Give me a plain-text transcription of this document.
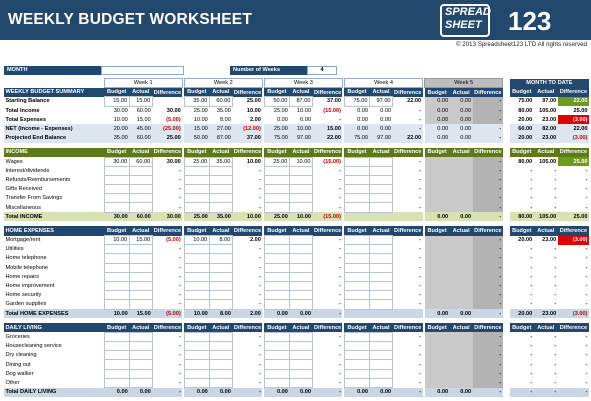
WEEKLY BUDGET WORKSHEET	SPREAD
SHEET 123
© 2013 Spreadsheet123 LTD All rights reserved
MONTH	Number of Weeks	4
	Week 1				Week 2				Week 3				Week 4				Week 5				MONTH TO DATE		
WEEKLY BUDGET SUMMARY	Budget	Actual	Difference		Budget	Actual	Difference		Budget	Actual	Difference		Budget	Actual	Difference		Budget	Actual	Difference		Budget	Actual	Difference
Starting Balance	15.00	15.00			35.00	60.00	25.00		50.00	87.00	37.00		75.00	97.00	22.00		0.00	0.00	-		75.00	97.00	22.00
Total Income	30.00	60.00	30.00		25.00	35.00	10.00		25.00	10.00	(15.00)		0.00	0.00	-		0.00	0.00	-		80.00	105.00	25.00
Total Expenses	10.00	15.00	(5.00)		10.00	8.00	2.00		0.00	0.00	-		0.00	0.00	-		0.00	0.00	-		20.00	23.00	(3.00)
NET (Income - Expenses)	20.00	45.00	(25.00)		15.00	27.00	(12.00)		25.00	10.00	15.00		0.00	0.00	-		0.00	0.00	-		60.00	82.00	22.00
Projected End Balance	35.00	60.00	25.00		50.00	87.00	37.00		75.00	97.00	22.00		75.00	97.00	22.00		0.00	0.00	-		20.00	23.00	(3.00)

INCOME	Budget	Actual	Difference		Budget	Actual	Difference		Budget	Actual	Difference		Budget	Actual	Difference		Budget	Actual	Difference		Budget	Actual	Difference
Wages	30.00	60.00	30.00		25.00	35.00	10.00		25.00	10.00	(15.00)				-				-		80.00	105.00	25.00
Interest/dividends			-				-				-				-				-		-	-	-
Refunds/Reimbursements			-				-				-				-				-		-	-	-
Gifts Received			-				-				-				-				-		-	-	-
Transfer From Savings			-				-				-				-				-		-	-	-
Miscellaneous			-				-				-				-				-		-	-	-
Total INCOME	30.00	60.00	30.00		25.00	35.00	10.00		25.00	10.00	(15.00)						0.00	0.00	-		80.00	105.00	25.00

HOME EXPENSES	Budget	Actual	Difference		Budget	Actual	Difference		Budget	Actual	Difference		Budget	Actual	Difference		Budget	Actual	Difference		Budget	Actual	Difference
Mortgage/rent	10.00	15.00	(5.00)		10.00	8.00	2.00				-				-				-		20.00	23.00	(3.00)
Utilities			-				-				-				-				-		-	-	-
Home telephone			-				-				-				-				-		-	-	-
Mobile telephone			-				-				-				-				-		-	-	-
Home repairs			-				-				-				-				-		-	-	-
Home improvement			-				-				-				-				-		-	-	-
Home security			-				-				-				-				-		-	-	-
Garden supplies			-				-				-				-				-		-	-	-
Total HOME EXPENSES	10.00	15.00	(5.00)		10.00	8.00	2.00		0.00	0.00	-						0.00	0.00	-		20.00	23.00	(3.00)

DAILY LIVING	Budget	Actual	Difference		Budget	Actual	Difference		Budget	Actual	Difference		Budget	Actual	Difference		Budget	Actual	Difference		Budget	Actual	Difference
Groceries			-				-				-				-				-		-	-	-
Housecleaning service			-				-				-				-				-		-	-	-
Dry cleaning			-				-				-				-				-		-	-	-
Dining out			-				-				-				-				-		-	-	-
Dog walker			-				-				-				-				-		-	-	-
Other			-				-				-				-				-		-	-	-
Total DAILY LIVING	0.00	0.00	-		0.00	0.00	-		0.00	0.00	-		0.00	0.00	-		0.00	0.00	-		-	-	-
